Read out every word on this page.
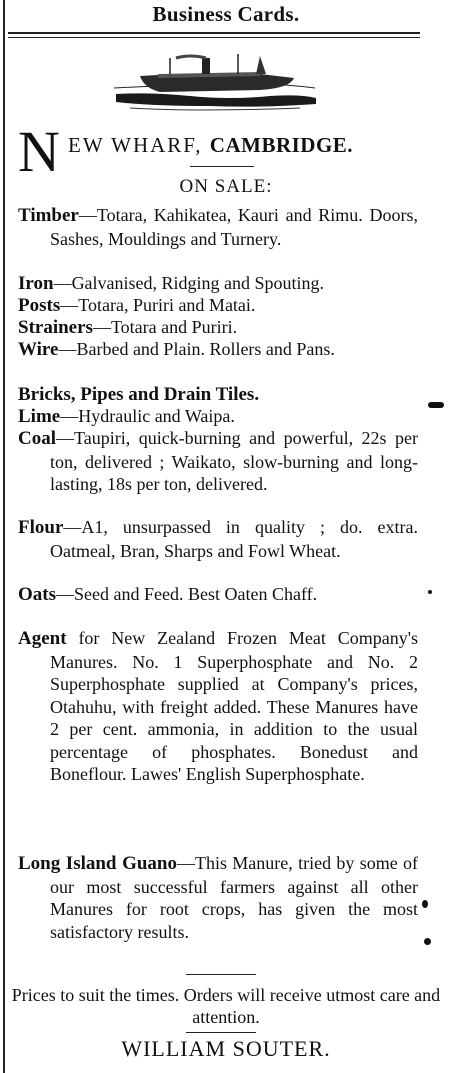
Business Cards.
N EW WHARF, CAMBRIDGE.
ON SALE:

Timber—Totara, Kahikatea, Kauri and Rimu. Doors, Sashes, Mouldings and Turnery.

Iron—Galvanised, Ridging and Spouting.

Posts—Totara, Puriri and Matai.

Strainers—Totara and Puriri.

Wire—Barbed and Plain. Rollers and Pans.

Bricks, Pipes and Drain Tiles.

Lime—Hydraulic and Waipa.

Coal—Taupiri, quick-burning and powerful, 22s per ton, delivered ; Waikato, slow-burning and long-lasting, 18s per ton, delivered.

Flour—A1, unsurpassed in quality ; do. extra. Oatmeal, Bran, Sharps and Fowl Wheat.

Oats—Seed and Feed. Best Oaten Chaff.

Agent for New Zealand Frozen Meat Company's Manures. No. 1 Superphosphate and No. 2 Superphosphate supplied at Company's prices, Otahuhu, with freight added. These Manures have 2 per cent. ammonia, in addition to the usual percentage of phosphates. Bonedust and Boneflour. Lawes' English Superphosphate.

Long Island Guano—This Manure, tried by some of our most successful farmers against all other Manures for root crops, has given the most satisfactory results.

Prices to suit the times. Orders will receive utmost care and attention.
WILLIAM SOUTER.
